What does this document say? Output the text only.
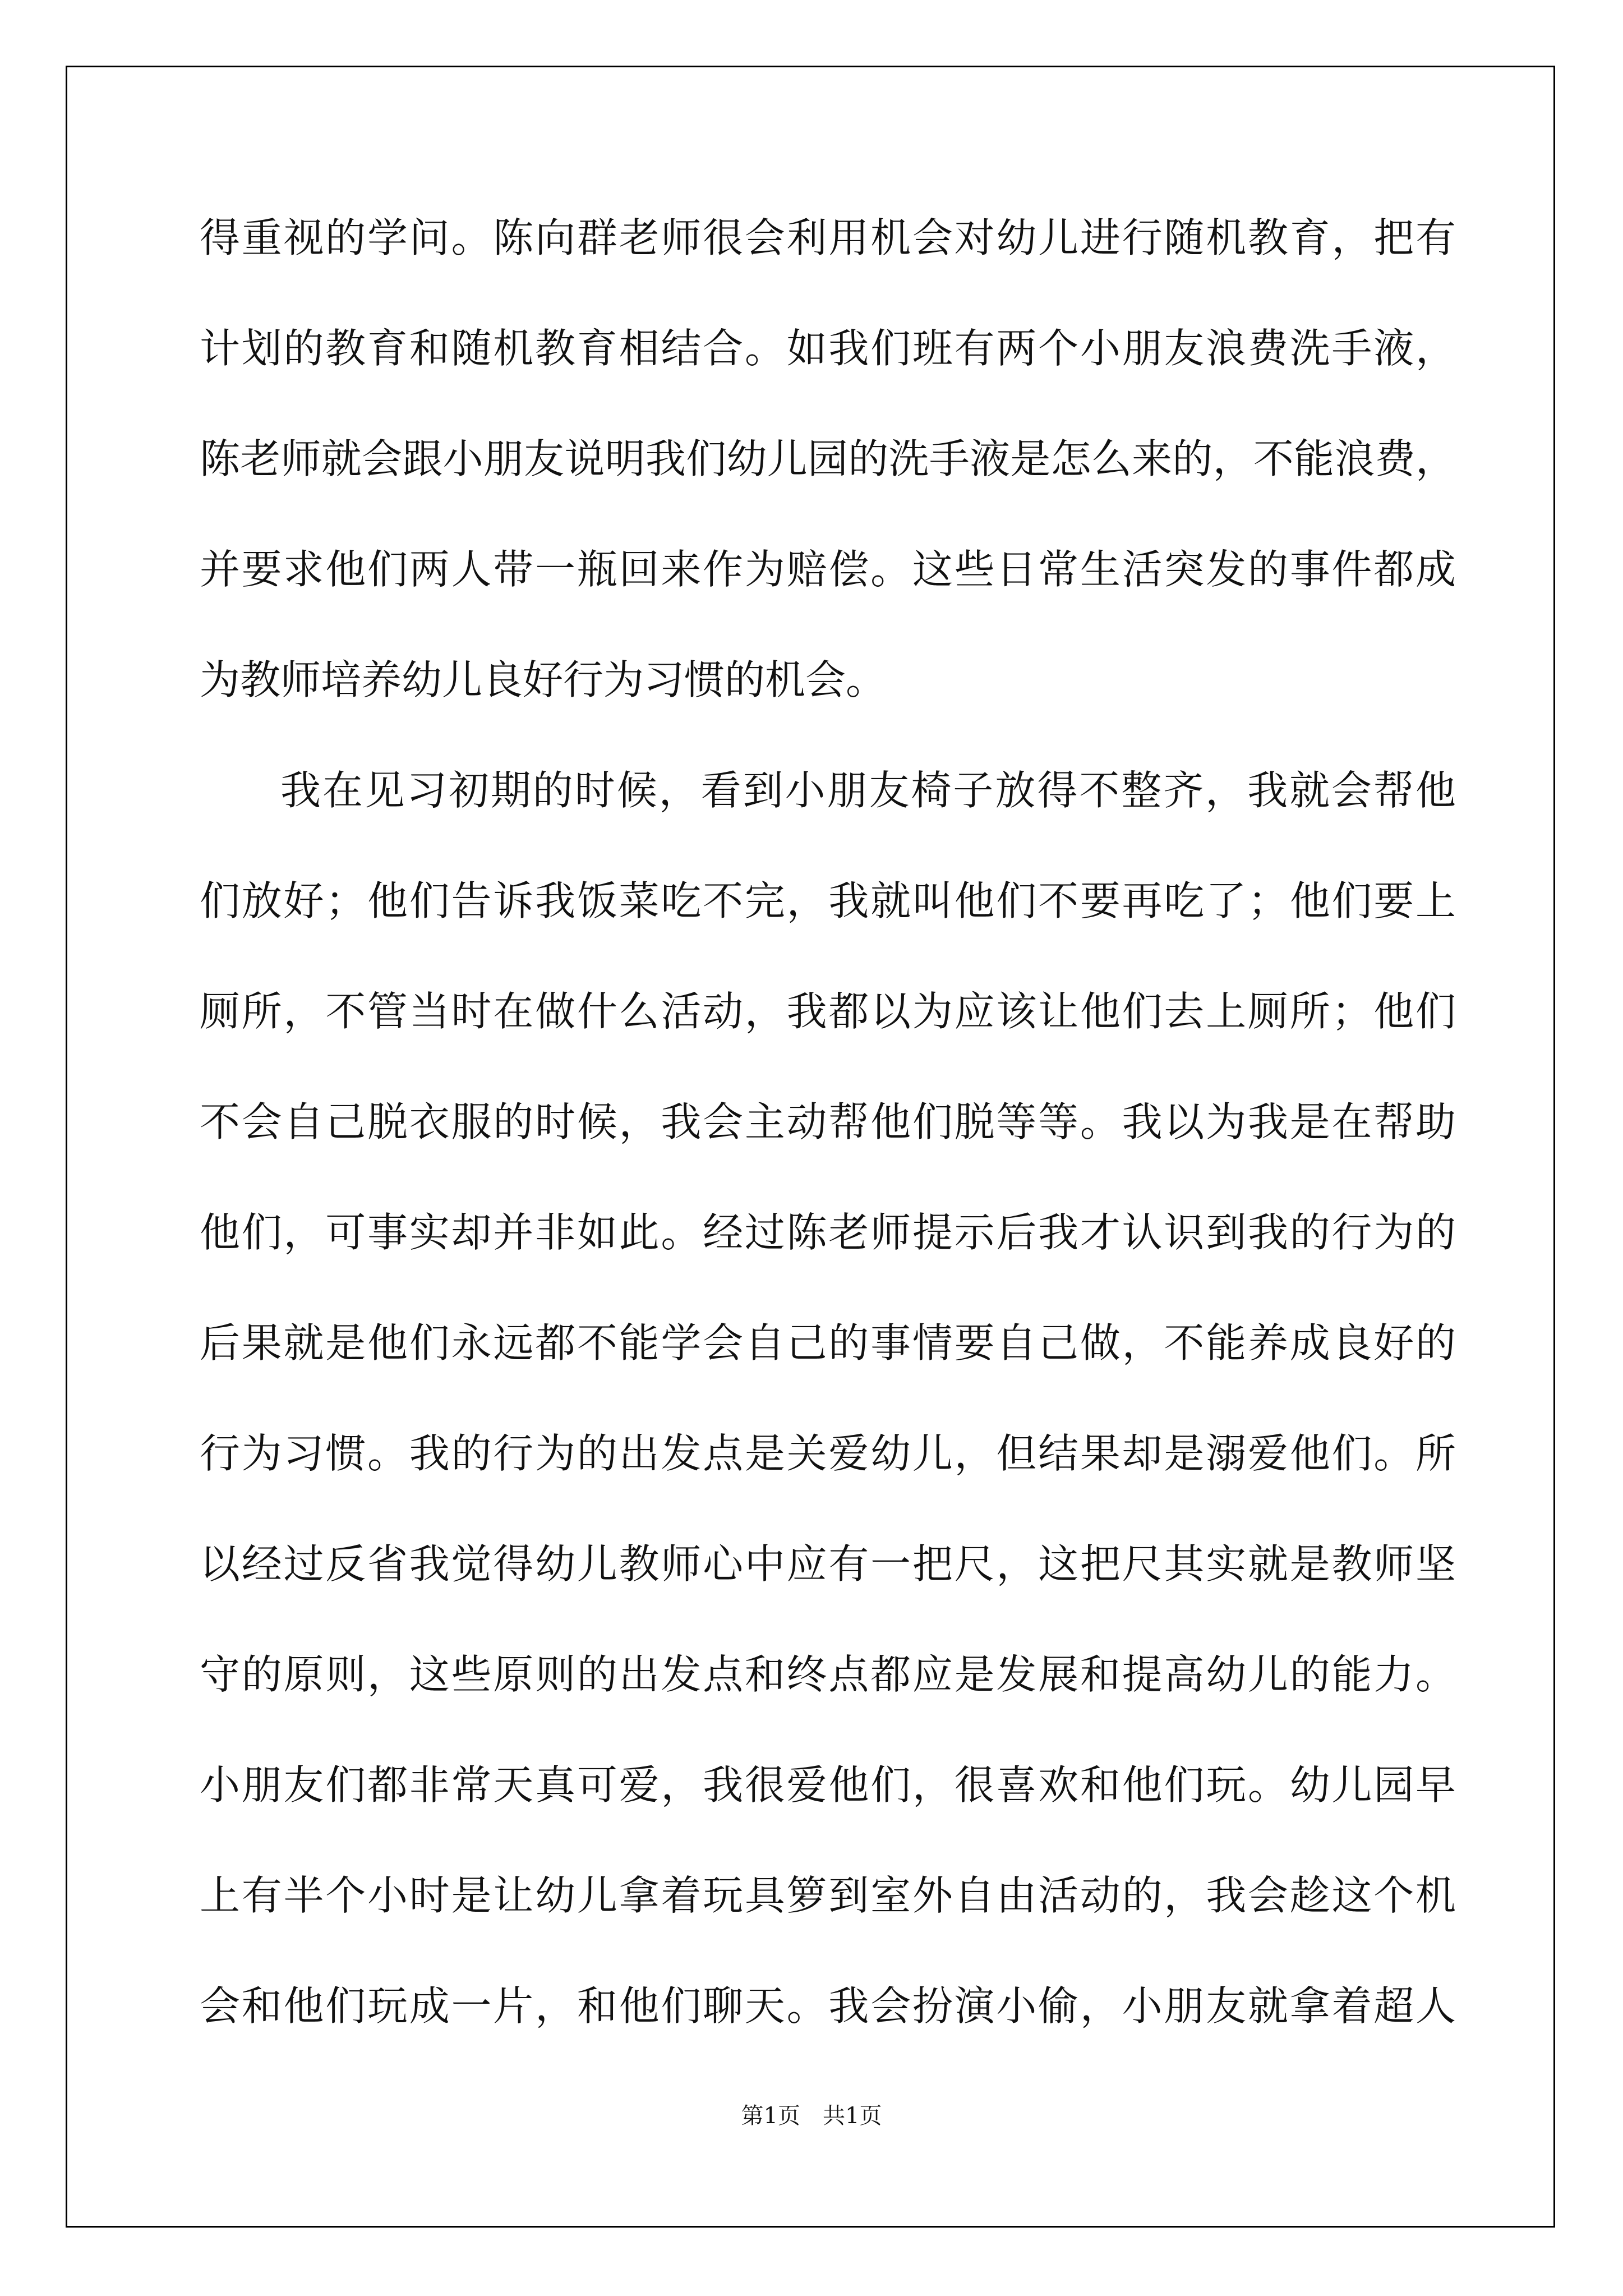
得重视的学问。陈向群老师很会利用机会对幼儿进行随机教育，把有
计划的教育和随机教育相结合。如我们班有两个小朋友浪费洗手液，
陈老师就会跟小朋友说明我们幼儿园的洗手液是怎么来的，不能浪费，
并要求他们两人带一瓶回来作为赔偿。这些日常生活突发的事件都成
为教师培养幼儿良好行为习惯的机会。
我在见习初期的时候，看到小朋友椅子放得不整齐，我就会帮他
们放好；他们告诉我饭菜吃不完，我就叫他们不要再吃了；他们要上
厕所，不管当时在做什么活动，我都以为应该让他们去上厕所；他们
不会自己脱衣服的时候，我会主动帮他们脱等等。我以为我是在帮助
他们，可事实却并非如此。经过陈老师提示后我才认识到我的行为的
后果就是他们永远都不能学会自己的事情要自己做，不能养成良好的
行为习惯。我的行为的出发点是关爱幼儿，但结果却是溺爱他们。所
以经过反省我觉得幼儿教师心中应有一把尺，这把尺其实就是教师坚
守的原则，这些原则的出发点和终点都应是发展和提高幼儿的能力。
小朋友们都非常天真可爱，我很爱他们，很喜欢和他们玩。幼儿园早
上有半个小时是让幼儿拿着玩具箩到室外自由活动的，我会趁这个机
会和他们玩成一片，和他们聊天。我会扮演小偷，小朋友就拿着超人
第1页 共1页
